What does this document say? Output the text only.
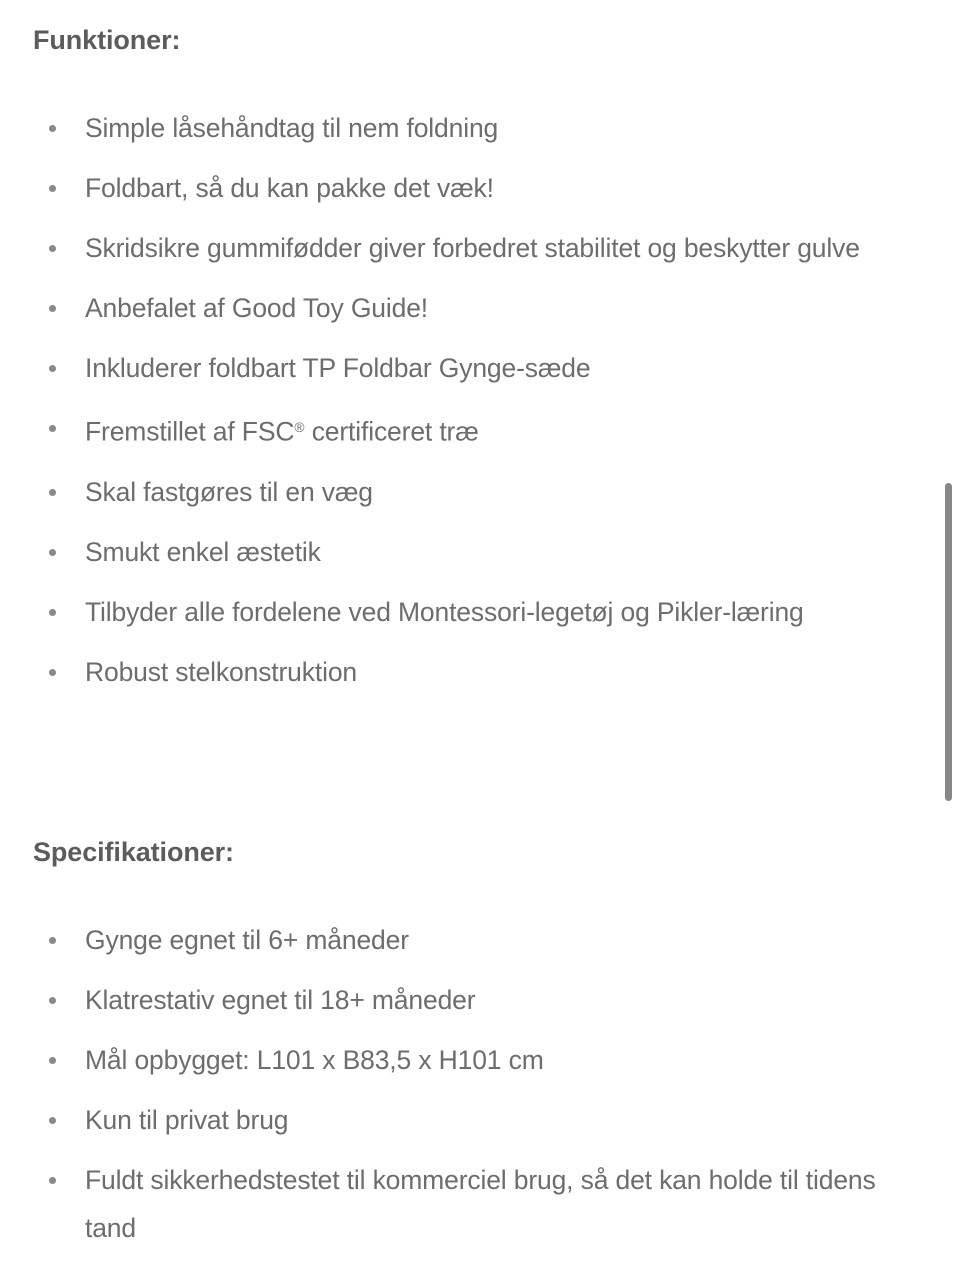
Funktioner:
Simple låsehåndtag til nem foldning
Foldbart, så du kan pakke det væk!
Skridsikre gummifødder giver forbedret stabilitet og beskytter gulve
Anbefalet af Good Toy Guide!
Inkluderer foldbart TP Foldbar Gynge-sæde
Fremstillet af FSC® certificeret træ
Skal fastgøres til en væg
Smukt enkel æstetik
Tilbyder alle fordelene ved Montessori-legetøj og Pikler-læring
Robust stelkonstruktion
Specifikationer:
Gynge egnet til 6+ måneder
Klatrestativ egnet til 18+ måneder
Mål opbygget: L101 x B83,5 x H101 cm
Kun til privat brug
Fuldt sikkerhedstestet til kommerciel brug, så det kan holde til tidens tand
